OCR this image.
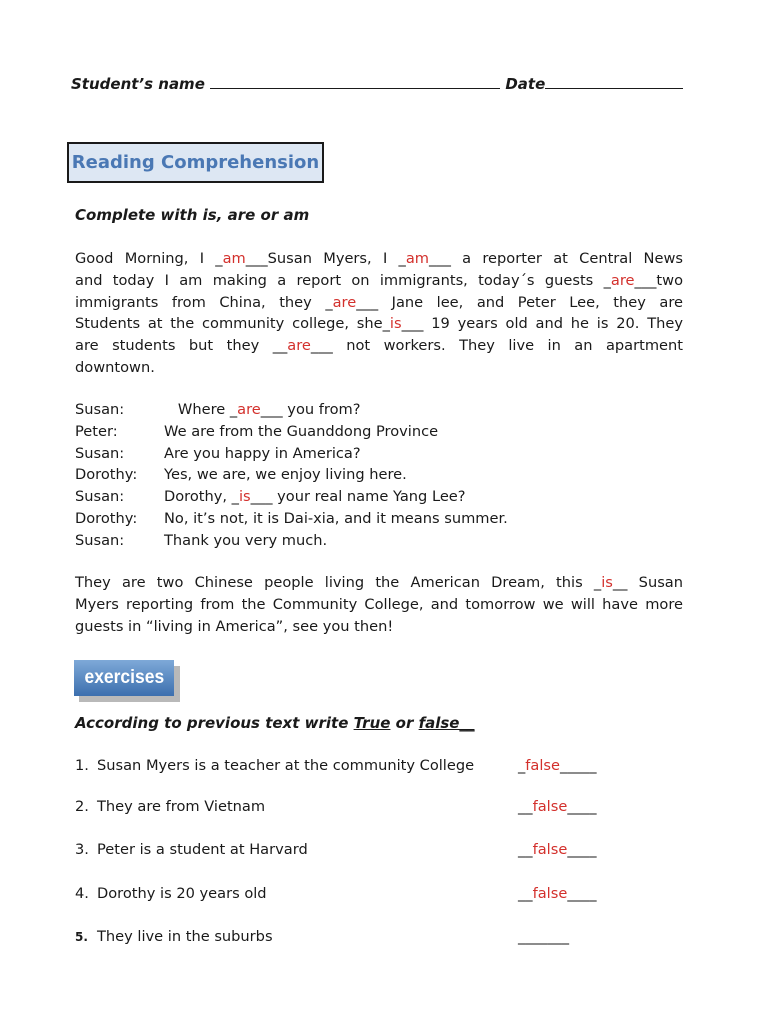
Student’s name	Date
Reading Comprehension
Complete with is, are or am
Good Morning, I _am___Susan Myers, I _am___ a reporter at Central News
and today I am making a report on immigrants, today´s guests _are___two
immigrants from China, they _are___ Jane lee, and Peter Lee, they are
Students at the community college, she_is___ 19 years old and he is 20. They
are students but they __are___ not workers. They live in an apartment
downtown.
Susan:	Where _are___ you from?
Peter:	We are from the Guanddong Province
Susan:	Are you happy in America?
Dorothy:	Yes, we are, we enjoy living here.
Susan:	Dorothy, _is___ your real name Yang Lee?
Dorothy:	No, it’s not, it is Dai-xia, and it means summer.
Susan:	Thank you very much.
They are two Chinese people living the American Dream, this _is__ Susan
Myers reporting from the Community College, and tomorrow we will have more
guests in “living in America”, see you then!
exercises
According to previous text write True or false__
1. Susan Myers is a teacher at the community College	_false_____
2. They are from Vietnam	__false____
3. Peter is a student at Harvard	__false____
4. Dorothy is 20 years old	__false____
5. They live in the suburbs	_______
